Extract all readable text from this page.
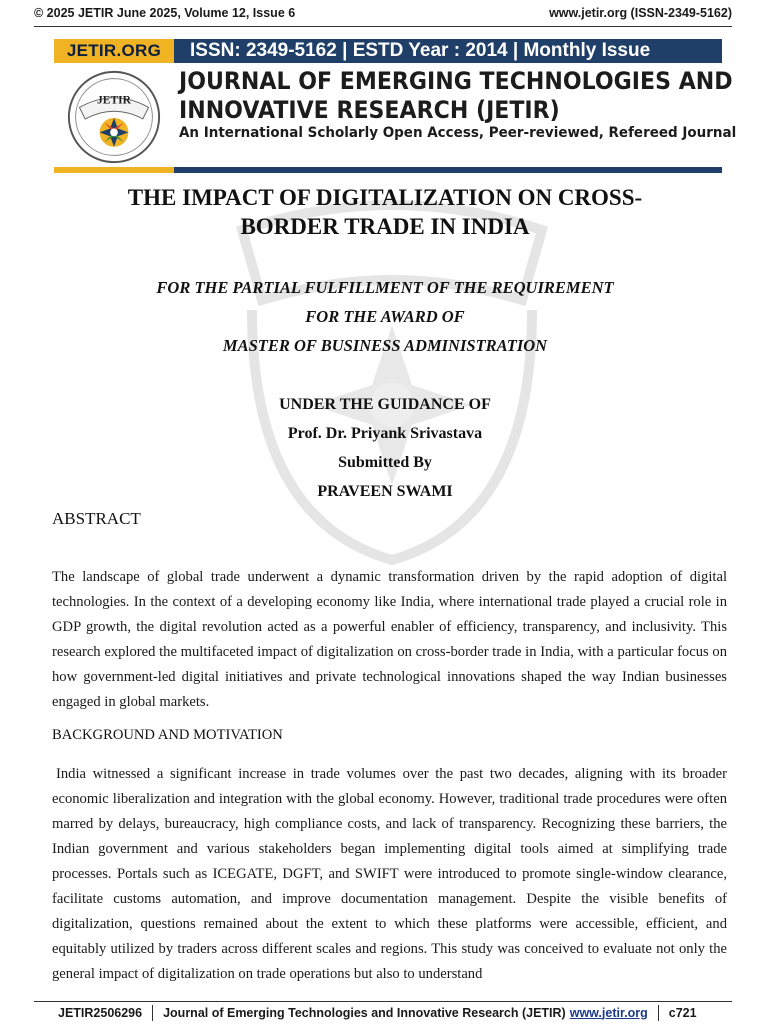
© 2025 JETIR June 2025, Volume 12, Issue 6	www.jetir.org (ISSN-2349-5162)
JETIR.ORG	ISSN: 2349-5162 | ESTD Year : 2014 | Monthly Issue
JETIR
JOURNAL OF EMERGING TECHNOLOGIES AND
INNOVATIVE RESEARCH (JETIR)
An International Scholarly Open Access, Peer-reviewed, Refereed Journal
THE IMPACT OF DIGITALIZATION ON CROSS-
BORDER TRADE IN INDIA
FOR THE PARTIAL FULFILLMENT OF THE REQUIREMENT
FOR THE AWARD OF
MASTER OF BUSINESS ADMINISTRATION
UNDER THE GUIDANCE OF
Prof. Dr. Priyank Srivastava
Submitted By
PRAVEEN SWAMI
ABSTRACT

The landscape of global trade underwent a dynamic transformation driven by the rapid adoption of digital technologies. In the context of a developing economy like India, where international trade played a crucial role in GDP growth, the digital revolution acted as a powerful enabler of efficiency, transparency, and inclusivity. This research explored the multifaceted impact of digitalization on cross-border trade in India, with a particular focus on how government-led digital initiatives and private technological innovations shaped the way Indian businesses engaged in global markets.

BACKGROUND AND MOTIVATION

India witnessed a significant increase in trade volumes over the past two decades, aligning with its broader economic liberalization and integration with the global economy. However, traditional trade procedures were often marred by delays, bureaucracy, high compliance costs, and lack of transparency. Recognizing these barriers, the Indian government and various stakeholders began implementing digital tools aimed at simplifying trade processes. Portals such as ICEGATE, DGFT, and SWIFT were introduced to promote single-window clearance, facilitate customs automation, and improve documentation management. Despite the visible benefits of digitalization, questions remained about the extent to which these platforms were accessible, efficient, and equitably utilized by traders across different scales and regions. This study was conceived to evaluate not only the general impact of digitalization on trade operations but also to understand

JETIR2506296 Journal of Emerging Technologies and Innovative Research (JETIR) www.jetir.org c721
